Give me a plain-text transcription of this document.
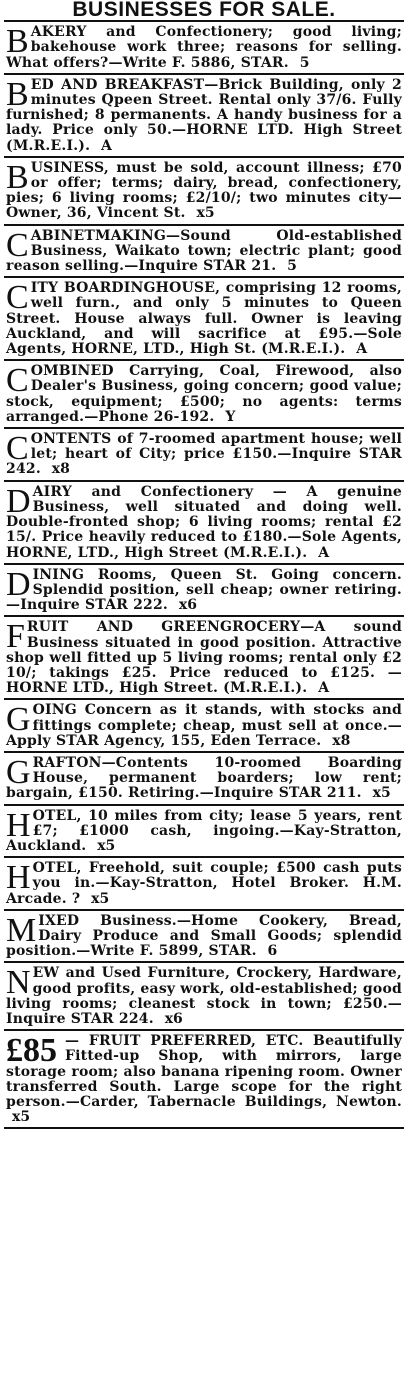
BUSINESSES FOR SALE.
BAKERY and Confectionery; good living; bakehouse work three; reasons for selling. What offers?—Write F. 5886, STAR. 5
BED AND BREAKFAST—Brick Building, only 2 minutes Qpeen Street. Rental only 37/6. Fully furnished; 8 permanents. A handy business for a lady. Price only 50.—HORNE LTD. High Street (M.R.E.I.). A
BUSINESS, must be sold, account illness; £70 or offer; terms; dairy, bread, confectionery, pies; 6 living rooms; £2/10/; two minutes city—Owner, 36, Vincent St. x5
CABINETMAKING—Sound Old-established Business, Waikato town; electric plant; good reason selling.—Inquire STAR 21. 5
CITY BOARDINGHOUSE, comprising 12 rooms, well furn., and only 5 minutes to Queen Street. House always full. Owner is leaving Auckland, and will sacrifice at £95.—Sole Agents, HORNE, LTD., High St. (M.R.E.I.). A
COMBINED Carrying, Coal, Firewood, also Dealer's Business, going concern; good value; stock, equipment; £500; no agents: terms arranged.—Phone 26-192. Y
CONTENTS of 7-roomed apartment house; well let; heart of City; price £150.—Inquire STAR 242. x8
DAIRY and Confectionery — A genuine Business, well situated and doing well. Double-fronted shop; 6 living rooms; rental £2 15/. Price heavily reduced to £180.—Sole Agents, HORNE, LTD., High Street (M.R.E.I.). A
DINING Rooms, Queen St. Going concern. Splendid position, sell cheap; owner retiring.—Inquire STAR 222. x6
FRUIT AND GREENGROCERY—A sound Business situated in good position. Attractive shop well fitted up 5 living rooms; rental only £2 10/; takings £25. Price reduced to £125. — HORNE LTD., High Street. (M.R.E.I.). A
GOING Concern as it stands, with stocks and fittings complete; cheap, must sell at once.—Apply STAR Agency, 155, Eden Terrace. x8
GRAFTON—Contents 10-roomed Boarding House, permanent boarders; low rent; bargain, £150. Retiring.—Inquire STAR 211. x5
HOTEL, 10 miles from city; lease 5 years, rent £7; £1000 cash, ingoing.—Kay-Stratton, Auckland. x5
HOTEL, Freehold, suit couple; £500 cash puts you in.—Kay-Stratton, Hotel Broker. H.M. Arcade. ? x5
MIXED Business.—Home Cookery, Bread, Dairy Produce and Small Goods; splendid position.—Write F. 5899, STAR. 6
NEW and Used Furniture, Crockery, Hardware, good profits, easy work, old-established; good living rooms; cleanest stock in town; £250.—Inquire STAR 224. x6
£85 — FRUIT PREFERRED, ETC. Beautifully Fitted-up Shop, with mirrors, large storage room; also banana ripening room. Owner transferred South. Large scope for the right person.—Carder, Tabernacle Buildings, Newton. x5
